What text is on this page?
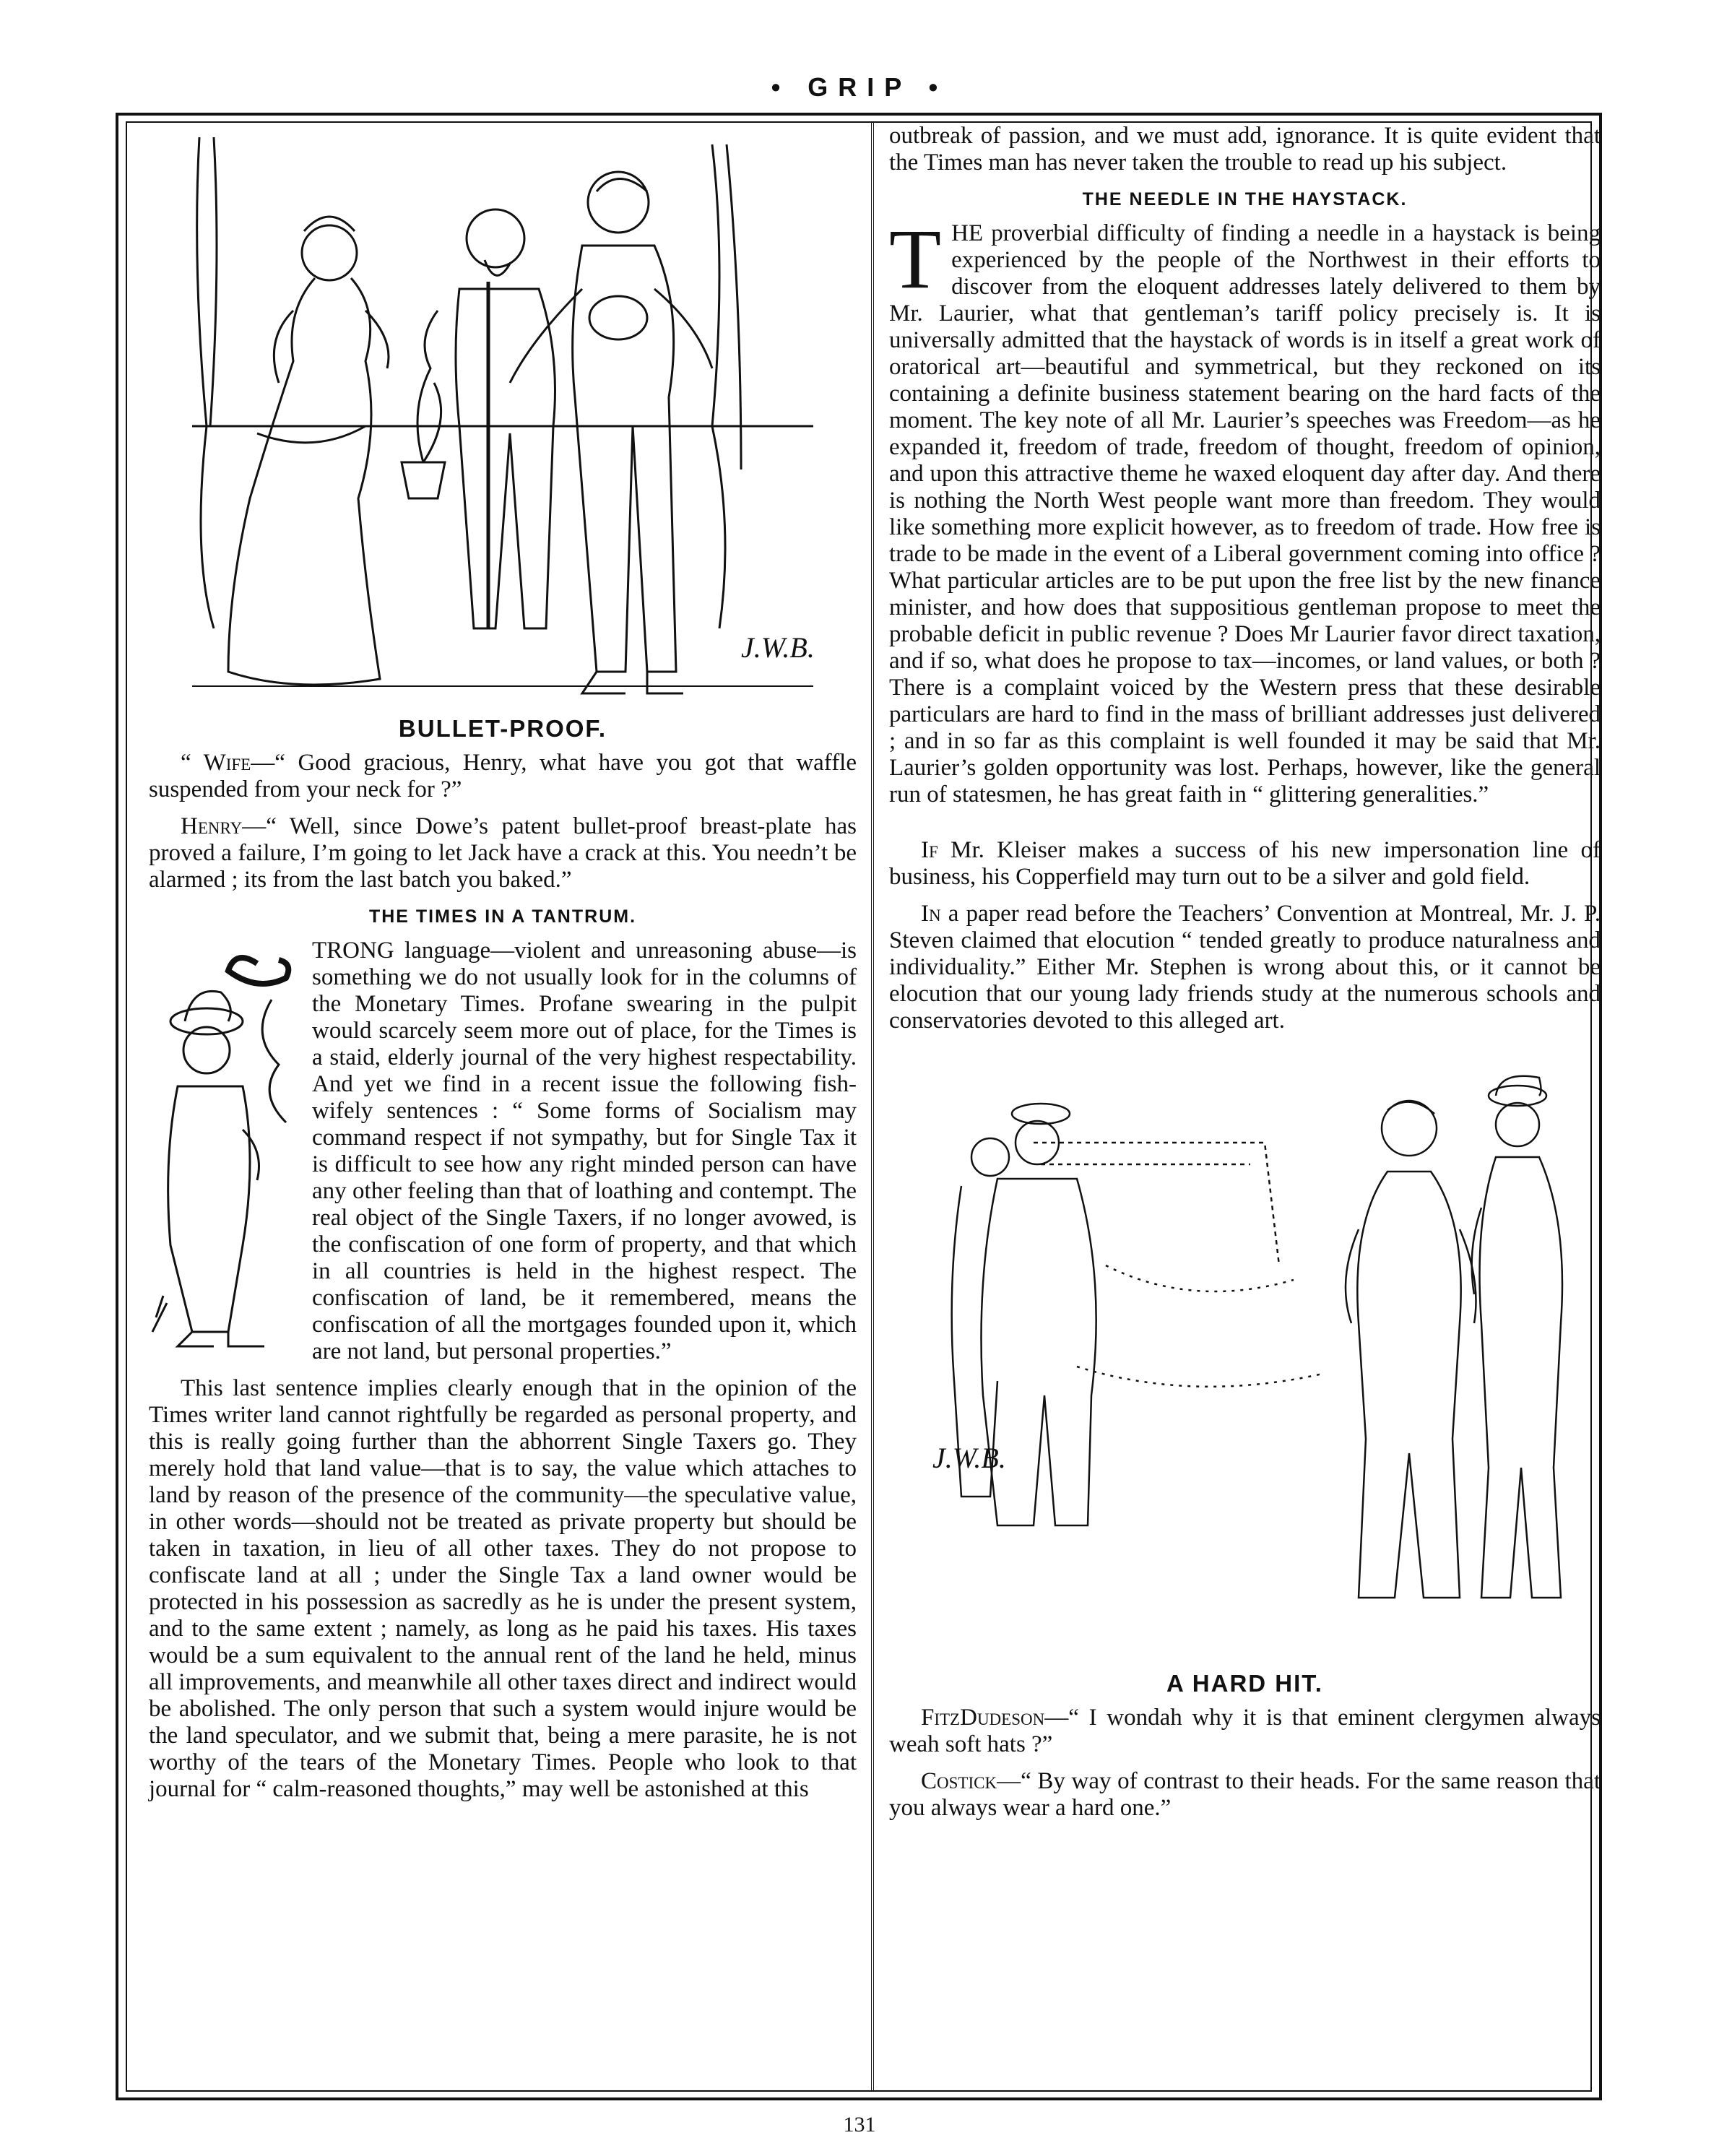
• GRIP •
J.W.B.
BULLET-PROOF.

“ Wife—“ Good gracious, Henry, what have you got that waffle suspended from your neck for ?”

Henry—“ Well, since Dowe’s patent bullet-proof breast-plate has proved a failure, I’m going to let Jack have a crack at this. You needn’t be alarmed ; its from the last batch you baked.”

THE TIMES IN A TANTRUM.

TRONG language—violent and unreasoning abuse—is something we do not usually look for in the columns of the Monetary Times. Profane swearing in the pulpit would scarcely seem more out of place, for the Times is a staid, elderly journal of the very highest respectability. And yet we find in a recent issue the following fish-wifely sentences : “ Some forms of Socialism may command respect if not sympathy, but for Single Tax it is difficult to see how any right minded person can have any other feeling than that of loathing and contempt. The real object of the Single Taxers, if no longer avowed, is the confiscation of one form of property, and that which in all countries is held in the highest respect. The confiscation of land, be it remembered, means the confiscation of all the mortgages founded upon it, which are not land, but personal properties.”

This last sentence implies clearly enough that in the opinion of the Times writer land cannot rightfully be regarded as personal property, and this is really going further than the abhorrent Single Taxers go. They merely hold that land value—that is to say, the value which attaches to land by reason of the presence of the community—the speculative value, in other words—should not be treated as private property but should be taken in taxation, in lieu of all other taxes. They do not propose to confiscate land at all ; under the Single Tax a land owner would be protected in his possession as sacredly as he is under the present system, and to the same extent ; namely, as long as he paid his taxes. His taxes would be a sum equivalent to the annual rent of the land he held, minus all improvements, and meanwhile all other taxes direct and indirect would be abolished. The only person that such a system would injure would be the land speculator, and we submit that, being a mere parasite, he is not worthy of the tears of the Monetary Times. People who look to that journal for “ calm-reasoned thoughts,” may well be astonished at this

outbreak of passion, and we must add, ignorance. It is quite evident that the Times man has never taken the trouble to read up his subject.

THE NEEDLE IN THE HAYSTACK.

THE proverbial difficulty of finding a needle in a haystack is being experienced by the people of the Northwest in their efforts to discover from the eloquent addresses lately delivered to them by Mr. Laurier, what that gentleman’s tariff policy precisely is. It is universally admitted that the haystack of words is in itself a great work of oratorical art—beautiful and symmetrical, but they reckoned on its containing a definite business statement bearing on the hard facts of the moment. The key note of all Mr. Laurier’s speeches was Freedom—as he expanded it, freedom of trade, freedom of thought, freedom of opinion, and upon this attractive theme he waxed eloquent day after day. And there is nothing the North West people want more than freedom. They would like something more explicit however, as to freedom of trade. How free is trade to be made in the event of a Liberal government coming into office ? What particular articles are to be put upon the free list by the new finance minister, and how does that suppositious gentleman propose to meet the probable deficit in public revenue ? Does Mr Laurier favor direct taxation, and if so, what does he propose to tax—incomes, or land values, or both ? There is a complaint voiced by the Western press that these desirable particulars are hard to find in the mass of brilliant addresses just delivered ; and in so far as this complaint is well founded it may be said that Mr. Laurier’s golden opportunity was lost. Perhaps, however, like the general run of statesmen, he has great faith in “ glittering generalities.”

If Mr. Kleiser makes a success of his new impersonation line of business, his Copperfield may turn out to be a silver and gold field.

In a paper read before the Teachers’ Convention at Montreal, Mr. J. P. Steven claimed that elocution “ tended greatly to produce naturalness and individuality.” Either Mr. Stephen is wrong about this, or it cannot be elocution that our young lady friends study at the numerous schools and conservatories devoted to this alleged art.

J.W.B.
A HARD HIT.

FitzDudeson—“ I wondah why it is that eminent clergymen always weah soft hats ?”

Costick—“ By way of contrast to their heads. For the same reason that you always wear a hard one.”

131
